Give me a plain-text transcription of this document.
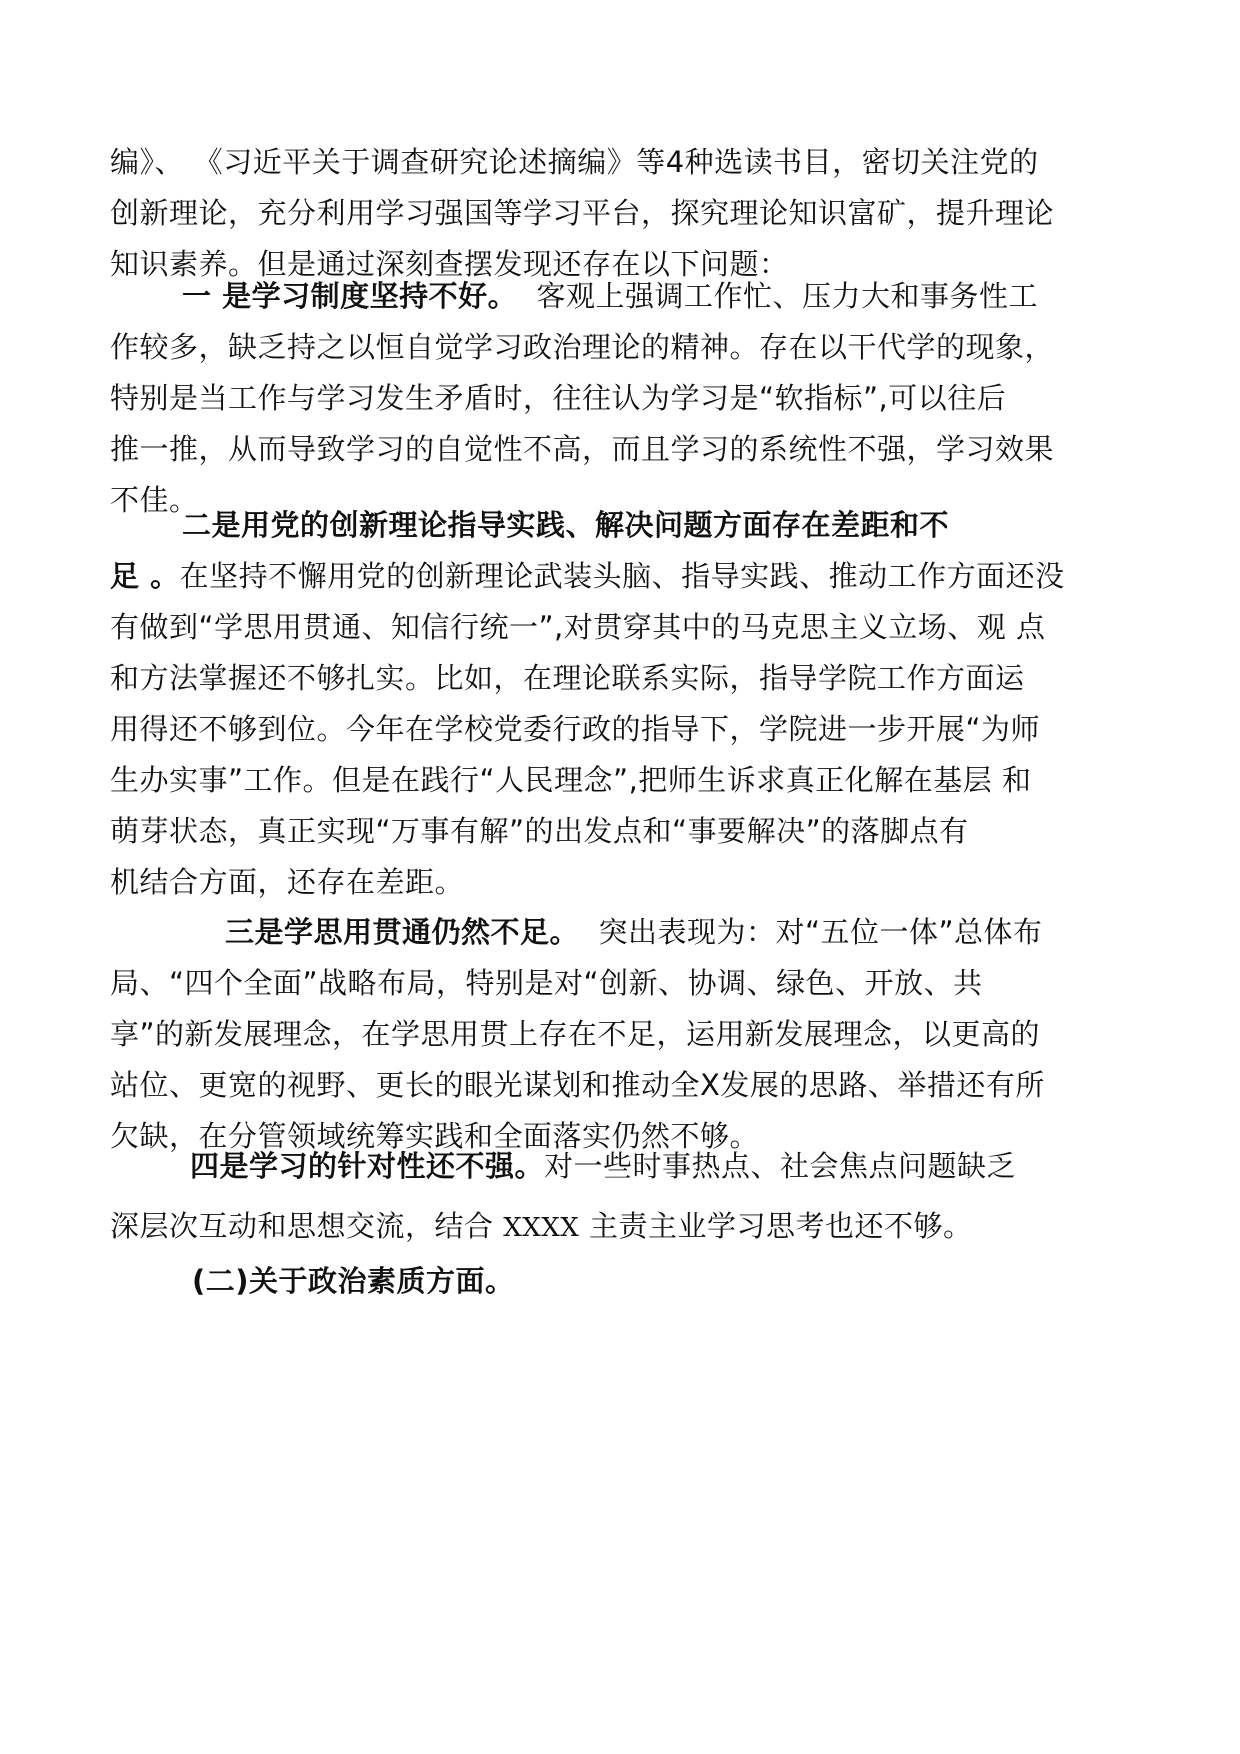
编》、 《习近平关于调查研究论述摘编》等4种选读书目，密切关注党的
创新理论，充分利用学习强国等学习平台，探究理论知识富矿，提升理论
知识素养。但是通过深刻查摆发现还存在以下问题：
一 是学习制度坚持不好。  客观上强调工作忙、压力大和事务性工
作较多，缺乏持之以恒自觉学习政治理论的精神。存在以干代学的现象，
特别是当工作与学习发生矛盾时，往往认为学习是“软指标”,可以往后
推一推，从而导致学习的自觉性不高，而且学习的系统性不强，学习效果
不佳。
二是用党的创新理论指导实践、解决问题方面存在差距和不
足 。在坚持不懈用党的创新理论武装头脑、指导实践、推动工作方面还没
有做到“学思用贯通、知信行统一”,对贯穿其中的马克思主义立场、观 点
和方法掌握还不够扎实。比如，在理论联系实际，指导学院工作方面运
用得还不够到位。今年在学校党委行政的指导下，学院进一步开展“为师
生办实事”工作。但是在践行“人民理念”,把师生诉求真正化解在基层 和
萌芽状态，真正实现“万事有解”的出发点和“事要解决”的落脚点有
机结合方面，还存在差距。
三是学思用贯通仍然不足。  突出表现为：对“五位一体”总体布
局、“四个全面”战略布局，特别是对“创新、协调、绿色、开放、共
享”的新发展理念，在学思用贯上存在不足，运用新发展理念，以更高的
站位、更宽的视野、更长的眼光谋划和推动全X发展的思路、举措还有所
欠缺，在分管领域统筹实践和全面落实仍然不够。
四是学习的针对性还不强。对一些时事热点、社会焦点问题缺乏
深层次互动和思想交流，结合 XXXX 主责主业学习思考也还不够。
(二)关于政治素质方面。
